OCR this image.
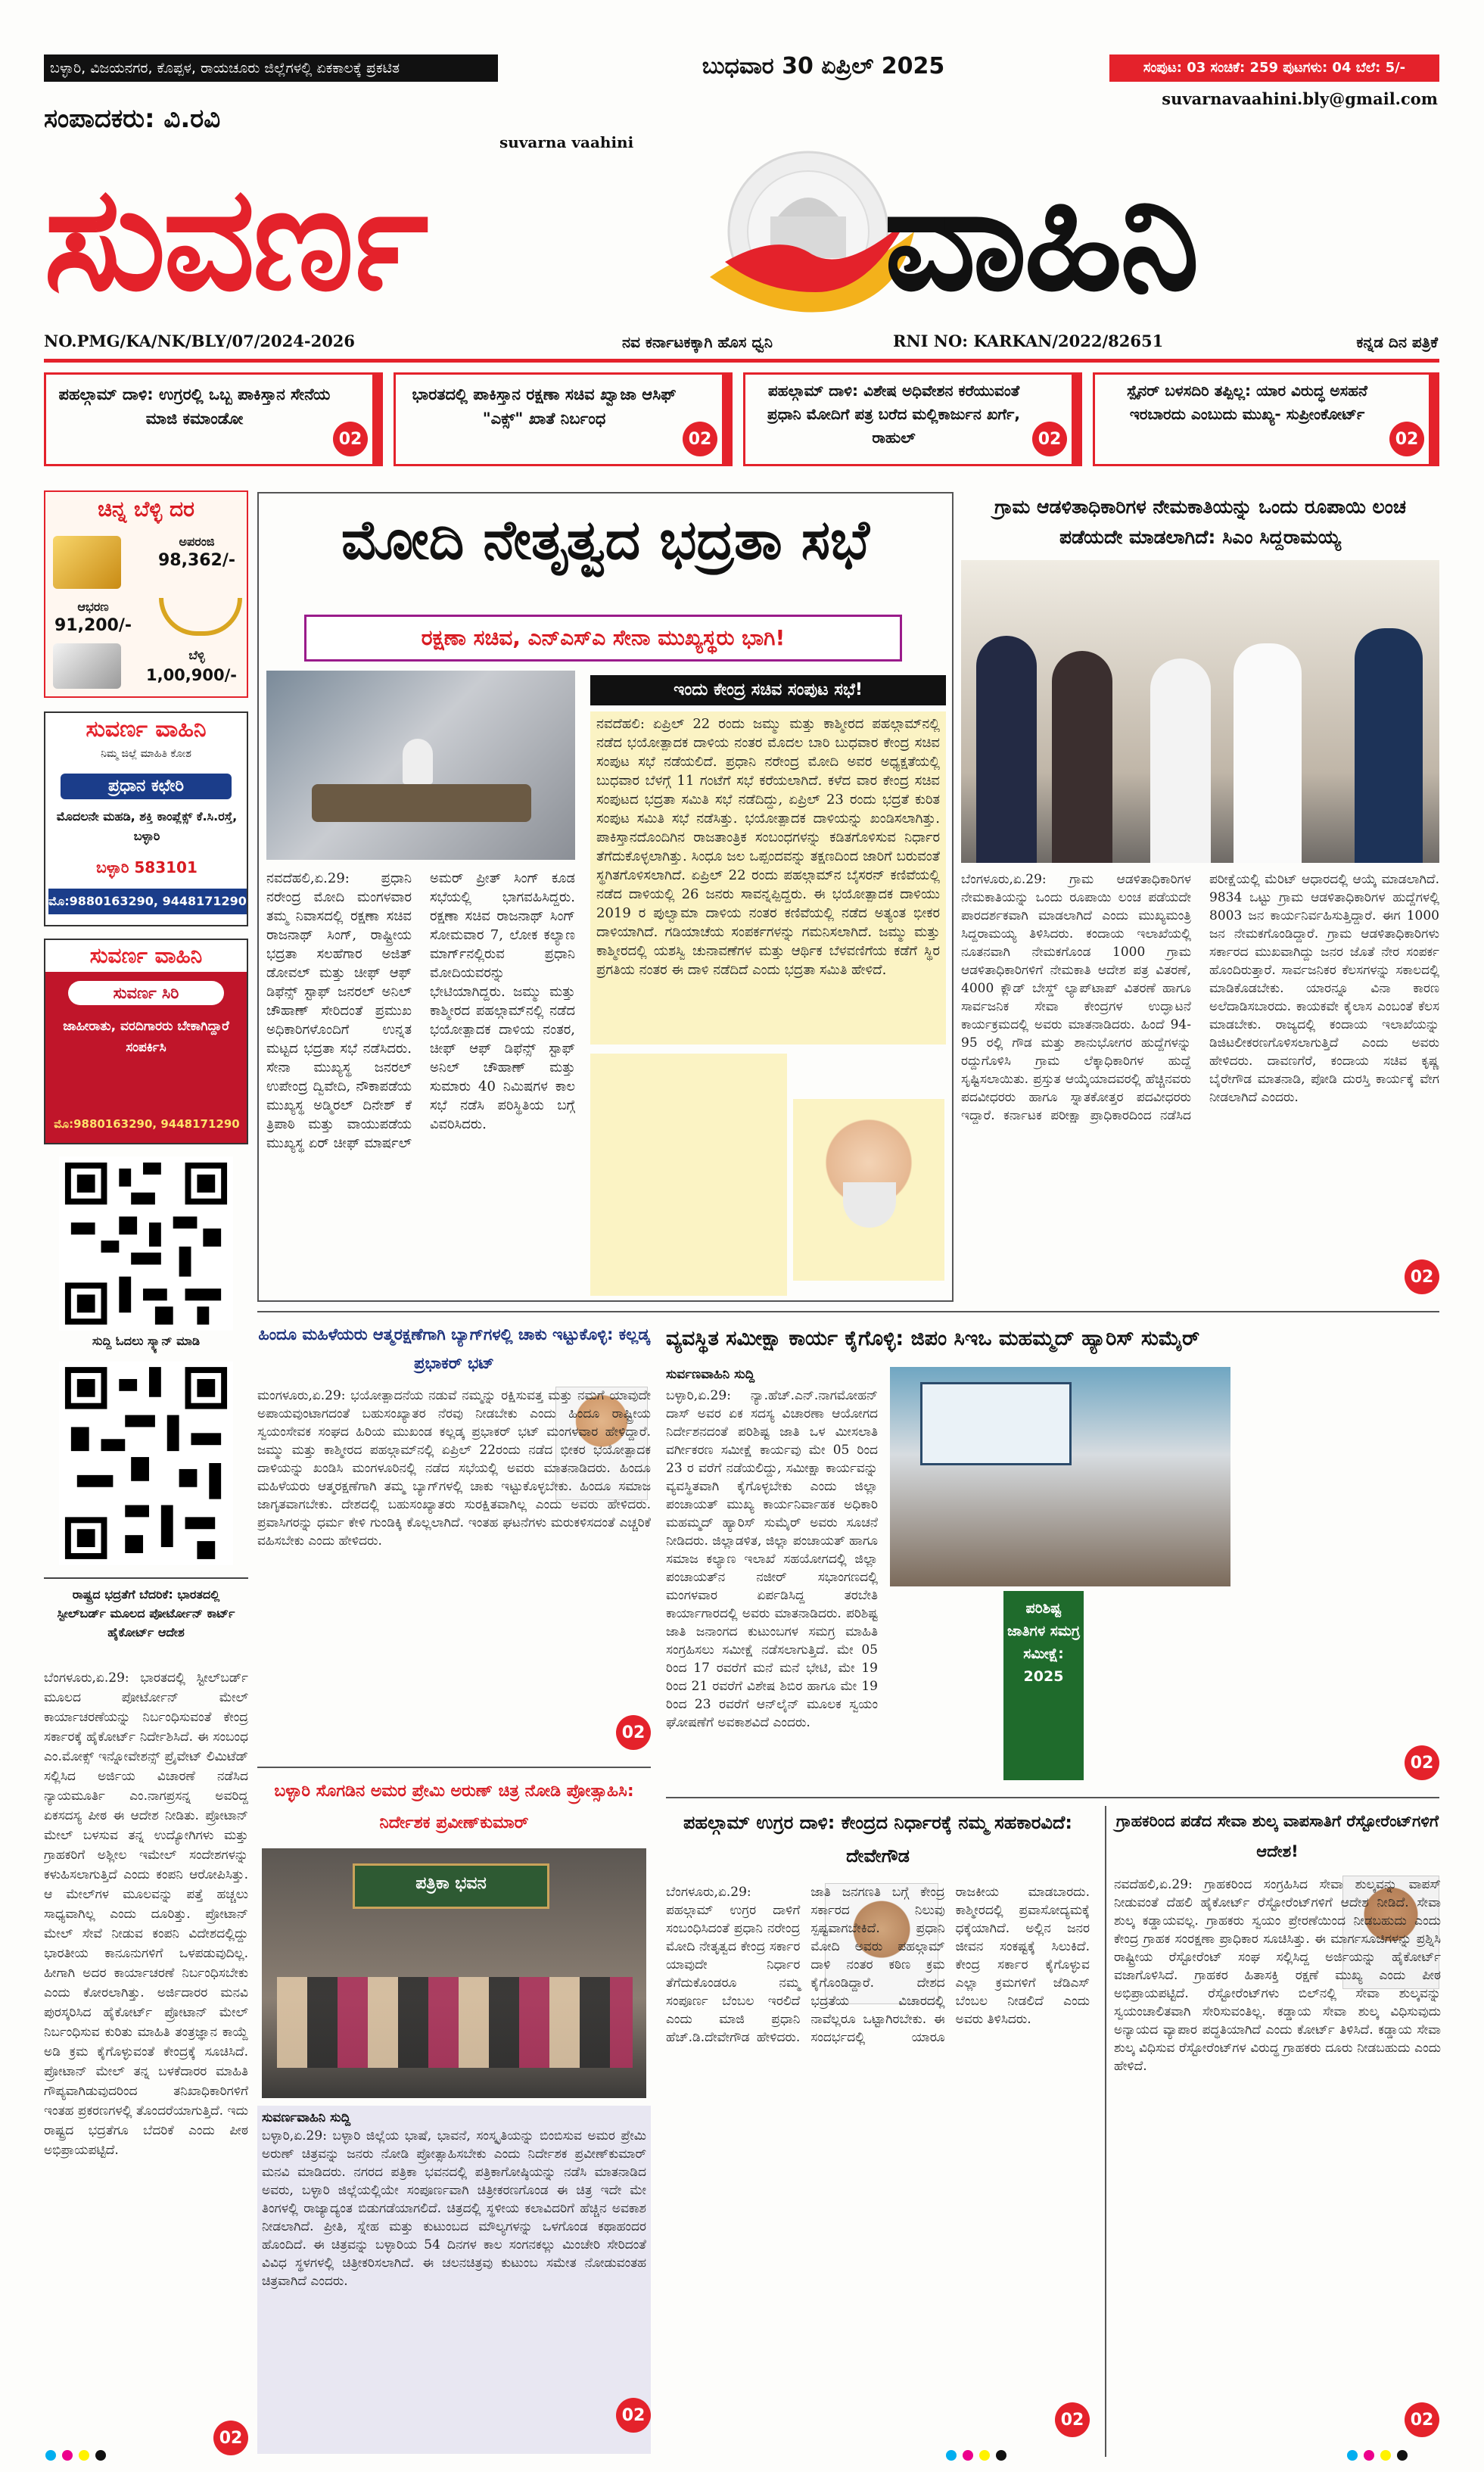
ಬಳ್ಳಾರಿ, ವಿಜಯನಗರ, ಕೊಪ್ಪಳ, ರಾಯಚೂರು ಜಿಲ್ಲೆಗಳಲ್ಲಿ ಏಕಕಾಲಕ್ಕೆ ಪ್ರಕಟಿತ	ಬುಧವಾರ 30 ಏಪ್ರಿಲ್ 2025	ಸಂಪುಟ: 03 ಸಂಚಿಕೆ: 259 ಪುಟಗಳು: 04 ಬೆಲೆ: 5/-
suvarnavaahini.bly@gmail.com
ಸಂಪಾದಕರು: ವಿ.ರವಿ
suvarna vaahini
ಸುವರ್ಣ	ವಾಹಿನಿ
NO.PMG/KA/NK/BLY/07/2024-2026	ನವ ಕರ್ನಾಟಕಕ್ಕಾಗಿ ಹೊಸ ಧ್ವನಿ	RNI NO: KARKAN/2022/82651	ಕನ್ನಡ ದಿನ ಪತ್ರಿಕೆ
ಪಹಲ್ಗಾಮ್ ದಾಳಿ: ಉಗ್ರರಲ್ಲಿ ಒಬ್ಬ ಪಾಕಿಸ್ತಾನ ಸೇನೆಯ ಮಾಜಿ ಕಮಾಂಡೋ
02
ಭಾರತದಲ್ಲಿ ಪಾಕಿಸ್ತಾನ ರಕ್ಷಣಾ ಸಚಿವ ಖ್ವಾಜಾ ಆಸಿಫ್ "ಎಕ್ಸ್" ಖಾತೆ ನಿರ್ಬಂಧ
02
ಪಹಲ್ಗಾಮ್ ದಾಳಿ: ವಿಶೇಷ ಅಧಿವೇಶನ ಕರೆಯುವಂತೆ ಪ್ರಧಾನಿ ಮೋದಿಗೆ ಪತ್ರ ಬರೆದ ಮಲ್ಲಿಕಾರ್ಜುನ ಖರ್ಗೆ, ರಾಹುಲ್	02
ಸ್ಪೈನರ್ ಬಳಸದಿರಿ ತಪ್ಪಿಲ್ಲ: ಯಾರ ವಿರುದ್ಧ ಅಸಹನೆ ಇರಬಾರದು ಎಂಬುದು ಮುಖ್ಯ- ಸುಪ್ರೀಂಕೋರ್ಟ್
02
ಚಿನ್ನ ಬೆಳ್ಳಿ ದರ
ಅಪರಂಜಿ
98,362/-
ಆಭರಣ
91,200/-
ಬೆಳ್ಳಿ
1,00,900/-
ಸುವರ್ಣ ವಾಹಿನಿ
ನಿಮ್ಮ ಜಿಲ್ಲೆ ಮಾಹಿತಿ ಕೋಶ
ಪ್ರಧಾನ ಕಛೇರಿ
ಮೊದಲನೇ ಮಹಡಿ, ಶಕ್ತಿ ಕಾಂಪ್ಲೆಕ್ಸ್ ಕೆ.ಸಿ.ರಸ್ತೆ, ಬಳ್ಳಾರಿ
ಬಳ್ಳಾರಿ 583101
ಮೊ:9880163290, 9448171290
ಸುವರ್ಣ ವಾಹಿನಿ
ಸುವರ್ಣ ಸಿರಿ
ಜಾಹೀರಾತು, ವರದಿಗಾರರು ಬೇಕಾಗಿದ್ದಾರೆ ಸಂಪರ್ಕಿಸಿ
ಮೊ:9880163290, 9448171290
ಸುದ್ದಿ ಓದಲು ಸ್ಕ್ಯಾನ್ ಮಾಡಿ
ರಾಷ್ಟ್ರದ ಭದ್ರತೆಗೆ ಬೆದರಿಕೆ: ಭಾರತದಲ್ಲಿ ಸ್ಟೀಲ್‌ಬರ್ಡ್ ಮೂಲದ ಪೋರ್ಟೋನ್ ಕಾರ್ಟ್ ಹೈಕೋರ್ಟ್ ಆದೇಶ
ಬೆಂಗಳೂರು,ಏ.29: ಭಾರತದಲ್ಲಿ ಸ್ಟೀಲ್‌ಬರ್ಡ್ ಮೂಲದ ಪೋರ್ಟೋನ್ ಮೇಲ್ ಕಾರ್ಯಾಚರಣೆಯನ್ನು ನಿರ್ಬಂಧಿಸುವಂತೆ ಕೇಂದ್ರ ಸರ್ಕಾರಕ್ಕೆ ಹೈಕೋರ್ಟ್ ನಿರ್ದೇಶಿಸಿದೆ. ಈ ಸಂಬಂಧ ಎಂ.ಮೋಕ್ಸ್ ಇನ್ನೋವೇಶನ್ಸ್ ಪ್ರೈವೇಟ್ ಲಿಮಿಟೆಡ್ ಸಲ್ಲಿಸಿದ ಅರ್ಜಿಯ ವಿಚಾರಣೆ ನಡೆಸಿದ ನ್ಯಾಯಮೂರ್ತಿ ಎಂ.ನಾಗಪ್ರಸನ್ನ ಅವರಿದ್ದ ಏಕಸದಸ್ಯ ಪೀಠ ಈ ಆದೇಶ ನೀಡಿತು. ಪ್ರೋಟಾನ್ ಮೇಲ್ ಬಳಸುವ ತನ್ನ ಉದ್ಯೋಗಿಗಳು ಮತ್ತು ಗ್ರಾಹಕರಿಗೆ ಅಶ್ಲೀಲ ಇಮೇಲ್ ಸಂದೇಶಗಳನ್ನು ಕಳುಹಿಸಲಾಗುತ್ತಿದೆ ಎಂದು ಕಂಪನಿ ಆರೋಪಿಸಿತ್ತು. ಆ ಮೇಲ್‌ಗಳ ಮೂಲವನ್ನು ಪತ್ತೆ ಹಚ್ಚಲು ಸಾಧ್ಯವಾಗಿಲ್ಲ ಎಂದು ದೂರಿತ್ತು. ಪ್ರೋಟಾನ್ ಮೇಲ್ ಸೇವೆ ನೀಡುವ ಕಂಪನಿ ವಿದೇಶದಲ್ಲಿದ್ದು ಭಾರತೀಯ ಕಾನೂನುಗಳಿಗೆ ಒಳಪಡುವುದಿಲ್ಲ. ಹೀಗಾಗಿ ಅದರ ಕಾರ್ಯಾಚರಣೆ ನಿರ್ಬಂಧಿಸಬೇಕು ಎಂದು ಕೋರಲಾಗಿತ್ತು. ಅರ್ಜಿದಾರರ ಮನವಿ ಪುರಸ್ಕರಿಸಿದ ಹೈಕೋರ್ಟ್ ಪ್ರೋಟಾನ್ ಮೇಲ್ ನಿರ್ಬಂಧಿಸುವ ಕುರಿತು ಮಾಹಿತಿ ತಂತ್ರಜ್ಞಾನ ಕಾಯ್ದೆ ಅಡಿ ಕ್ರಮ ಕೈಗೊಳ್ಳುವಂತೆ ಕೇಂದ್ರಕ್ಕೆ ಸೂಚಿಸಿದೆ. ಪ್ರೋಟಾನ್ ಮೇಲ್ ತನ್ನ ಬಳಕೆದಾರರ ಮಾಹಿತಿ ಗೌಪ್ಯವಾಗಿಡುವುದರಿಂದ ತನಿಖಾಧಿಕಾರಿಗಳಿಗೆ ಇಂತಹ ಪ್ರಕರಣಗಳಲ್ಲಿ ತೊಂದರೆಯಾಗುತ್ತಿದೆ. ಇದು ರಾಷ್ಟ್ರದ ಭದ್ರತೆಗೂ ಬೆದರಿಕೆ ಎಂದು ಪೀಠ ಅಭಿಪ್ರಾಯಪಟ್ಟಿದೆ.
02
ಮೋದಿ ನೇತೃತ್ವದ ಭದ್ರತಾ ಸಭೆ
ರಕ್ಷಣಾ ಸಚಿವ, ಎನ್‌ಎಸ್‌ಎ ಸೇನಾ ಮುಖ್ಯಸ್ಥರು ಭಾಗಿ!
ಇಂದು ಕೇಂದ್ರ ಸಚಿವ ಸಂಪುಟ ಸಭೆ!
ನವದೆಹಲಿ: ಏಪ್ರಿಲ್ 22 ರಂದು ಜಮ್ಮು ಮತ್ತು ಕಾಶ್ಮೀರದ ಪಹಲ್ಗಾಮ್‌ನಲ್ಲಿ ನಡೆದ ಭಯೋತ್ಪಾದಕ ದಾಳಿಯ ನಂತರ ಮೊದಲ ಬಾರಿ ಬುಧವಾರ ಕೇಂದ್ರ ಸಚಿವ ಸಂಪುಟ ಸಭೆ ನಡೆಯಲಿದೆ. ಪ್ರಧಾನಿ ನರೇಂದ್ರ ಮೋದಿ ಅವರ ಅಧ್ಯಕ್ಷತೆಯಲ್ಲಿ ಬುಧವಾರ ಬೆಳಗ್ಗೆ 11 ಗಂಟೆಗೆ ಸಭೆ ಕರೆಯಲಾಗಿದೆ. ಕಳೆದ ವಾರ ಕೇಂದ್ರ ಸಚಿವ ಸಂಪುಟದ ಭದ್ರತಾ ಸಮಿತಿ ಸಭೆ ನಡೆದಿದ್ದು, ಏಪ್ರಿಲ್ 23 ರಂದು ಭದ್ರತೆ ಕುರಿತ ಸಂಪುಟ ಸಮಿತಿ ಸಭೆ ನಡೆಸಿತ್ತು. ಭಯೋತ್ಪಾದಕ ದಾಳಿಯನ್ನು ಖಂಡಿಸಲಾಗಿತ್ತು. ಪಾಕಿಸ್ತಾನದೊಂದಿಗಿನ ರಾಜತಾಂತ್ರಿಕ ಸಂಬಂಧಗಳನ್ನು ಕಡಿತಗೊಳಿಸುವ ನಿರ್ಧಾರ ತೆಗೆದುಕೊಳ್ಳಲಾಗಿತ್ತು. ಸಿಂಧೂ ಜಲ ಒಪ್ಪಂದವನ್ನು ತಕ್ಷಣದಿಂದ ಜಾರಿಗೆ ಬರುವಂತೆ ಸ್ಥಗಿತಗೊಳಿಸಲಾಗಿದೆ. ಏಪ್ರಿಲ್ 22 ರಂದು ಪಹಲ್ಗಾಮ್‌ನ ಬೈಸರನ್ ಕಣಿವೆಯಲ್ಲಿ ನಡೆದ ದಾಳಿಯಲ್ಲಿ 26 ಜನರು ಸಾವನ್ನಪ್ಪಿದ್ದರು. ಈ ಭಯೋತ್ಪಾದಕ ದಾಳಿಯು 2019 ರ ಪುಲ್ವಾಮಾ ದಾಳಿಯ ನಂತರ ಕಣಿವೆಯಲ್ಲಿ ನಡೆದ ಅತ್ಯಂತ ಭೀಕರ ದಾಳಿಯಾಗಿದೆ. ಗಡಿಯಾಚೆಯ ಸಂಪರ್ಕಗಳನ್ನು ಗಮನಿಸಲಾಗಿದೆ. ಜಮ್ಮು ಮತ್ತು ಕಾಶ್ಮೀರದಲ್ಲಿ ಯಶಸ್ವಿ ಚುನಾವಣೆಗಳ ಮತ್ತು ಆರ್ಥಿಕ ಬೆಳವಣಿಗೆಯ ಕಡೆಗೆ ಸ್ಥಿರ ಪ್ರಗತಿಯ ನಂತರ ಈ ದಾಳಿ ನಡೆದಿದೆ ಎಂದು ಭದ್ರತಾ ಸಮಿತಿ ಹೇಳಿದೆ.
ನವದೆಹಲಿ,ಏ.29: ಪ್ರಧಾನಿ ನರೇಂದ್ರ ಮೋದಿ ಮಂಗಳವಾರ ತಮ್ಮ ನಿವಾಸದಲ್ಲಿ ರಕ್ಷಣಾ ಸಚಿವ ರಾಜನಾಥ್ ಸಿಂಗ್, ರಾಷ್ಟ್ರೀಯ ಭದ್ರತಾ ಸಲಹೆಗಾರ ಅಜಿತ್ ಡೋವಲ್ ಮತ್ತು ಚೀಫ್ ಆಫ್ ಡಿಫೆನ್ಸ್ ಸ್ಟಾಫ್ ಜನರಲ್ ಅನಿಲ್ ಚೌಹಾಣ್ ಸೇರಿದಂತೆ ಪ್ರಮುಖ ಅಧಿಕಾರಿಗಳೊಂದಿಗೆ ಉನ್ನತ ಮಟ್ಟದ ಭದ್ರತಾ ಸಭೆ ನಡೆಸಿದರು. ಸೇನಾ ಮುಖ್ಯಸ್ಥ ಜನರಲ್ ಉಪೇಂದ್ರ ದ್ವಿವೇದಿ, ನೌಕಾಪಡೆಯ ಮುಖ್ಯಸ್ಥ ಅಡ್ಮಿರಲ್ ದಿನೇಶ್ ಕೆ ತ್ರಿಪಾಠಿ ಮತ್ತು ವಾಯುಪಡೆಯ ಮುಖ್ಯಸ್ಥ ಏರ್ ಚೀಫ್ ಮಾರ್ಷಲ್ ಅಮರ್ ಪ್ರೀತ್ ಸಿಂಗ್ ಕೂಡ ಸಭೆಯಲ್ಲಿ ಭಾಗವಹಿಸಿದ್ದರು. ರಕ್ಷಣಾ ಸಚಿವ ರಾಜನಾಥ್ ಸಿಂಗ್ ಸೋಮವಾರ 7, ಲೋಕ ಕಲ್ಯಾಣ ಮಾರ್ಗ್‌ನಲ್ಲಿರುವ ಪ್ರಧಾನಿ ಮೋದಿಯವರನ್ನು ಭೇಟಿಯಾಗಿದ್ದರು. ಜಮ್ಮು ಮತ್ತು ಕಾಶ್ಮೀರದ ಪಹಲ್ಗಾಮ್‌ನಲ್ಲಿ ನಡೆದ ಭಯೋತ್ಪಾದಕ ದಾಳಿಯ ನಂತರ, ಚೀಫ್ ಆಫ್ ಡಿಫೆನ್ಸ್ ಸ್ಟಾಫ್ ಅನಿಲ್ ಚೌಹಾಣ್ ಮತ್ತು ಸುಮಾರು 40 ನಿಮಿಷಗಳ ಕಾಲ ಸಭೆ ನಡೆಸಿ ಪರಿಸ್ಥಿತಿಯ ಬಗ್ಗೆ ವಿವರಿಸಿದರು.
ಗ್ರಾಮ ಆಡಳಿತಾಧಿಕಾರಿಗಳ ನೇಮಕಾತಿಯನ್ನು ಒಂದು ರೂಪಾಯಿ ಲಂಚ ಪಡೆಯದೇ ಮಾಡಲಾಗಿದೆ: ಸಿಎಂ ಸಿದ್ದರಾಮಯ್ಯ
ಬೆಂಗಳೂರು,ಏ.29: ಗ್ರಾಮ ಆಡಳಿತಾಧಿಕಾರಿಗಳ ನೇಮಕಾತಿಯನ್ನು ಒಂದು ರೂಪಾಯಿ ಲಂಚ ಪಡೆಯದೇ ಪಾರದರ್ಶಕವಾಗಿ ಮಾಡಲಾಗಿದೆ ಎಂದು ಮುಖ್ಯಮಂತ್ರಿ ಸಿದ್ದರಾಮಯ್ಯ ತಿಳಿಸಿದರು. ಕಂದಾಯ ಇಲಾಖೆಯಲ್ಲಿ ನೂತನವಾಗಿ ನೇಮಕಗೊಂಡ 1000 ಗ್ರಾಮ ಆಡಳಿತಾಧಿಕಾರಿಗಳಿಗೆ ನೇಮಕಾತಿ ಆದೇಶ ಪತ್ರ ವಿತರಣೆ, 4000 ಕ್ಲೌಡ್ ಬೇಸ್ಡ್ ಲ್ಯಾಪ್‌ಟಾಪ್ ವಿತರಣೆ ಹಾಗೂ ಸಾರ್ವಜನಿಕ ಸೇವಾ ಕೇಂದ್ರಗಳ ಉದ್ಘಾಟನೆ ಕಾರ್ಯಕ್ರಮದಲ್ಲಿ ಅವರು ಮಾತನಾಡಿದರು. ಹಿಂದೆ 94-95 ರಲ್ಲಿ ಗೌಡ ಮತ್ತು ಶಾನುಭೋಗರ ಹುದ್ದೆಗಳನ್ನು ರದ್ದುಗೊಳಿಸಿ ಗ್ರಾಮ ಲೆಕ್ಕಾಧಿಕಾರಿಗಳ ಹುದ್ದೆ ಸೃಷ್ಟಿಸಲಾಯಿತು. ಪ್ರಸ್ತುತ ಆಯ್ಕೆಯಾದವರಲ್ಲಿ ಹೆಚ್ಚಿನವರು ಪದವೀಧರರು ಹಾಗೂ ಸ್ನಾತಕೋತ್ತರ ಪದವೀಧರರು ಇದ್ದಾರೆ. ಕರ್ನಾಟಕ ಪರೀಕ್ಷಾ ಪ್ರಾಧಿಕಾರದಿಂದ ನಡೆಸಿದ ಪರೀಕ್ಷೆಯಲ್ಲಿ ಮೆರಿಟ್ ಆಧಾರದಲ್ಲಿ ಆಯ್ಕೆ ಮಾಡಲಾಗಿದೆ. 9834 ಒಟ್ಟು ಗ್ರಾಮ ಆಡಳಿತಾಧಿಕಾರಿಗಳ ಹುದ್ದೆಗಳಲ್ಲಿ 8003 ಜನ ಕಾರ್ಯನಿರ್ವಹಿಸುತ್ತಿದ್ದಾರೆ. ಈಗ 1000 ಜನ ನೇಮಕಗೊಂಡಿದ್ದಾರೆ. ಗ್ರಾಮ ಆಡಳಿತಾಧಿಕಾರಿಗಳು ಸರ್ಕಾರದ ಮುಖವಾಗಿದ್ದು ಜನರ ಜೊತೆ ನೇರ ಸಂಪರ್ಕ ಹೊಂದಿರುತ್ತಾರೆ. ಸಾರ್ವಜನಿಕರ ಕೆಲಸಗಳನ್ನು ಸಕಾಲದಲ್ಲಿ ಮಾಡಿಕೊಡಬೇಕು. ಯಾರನ್ನೂ ವಿನಾ ಕಾರಣ ಅಲೆದಾಡಿಸಬಾರದು. ಕಾಯಕವೇ ಕೈಲಾಸ ಎಂಬಂತೆ ಕೆಲಸ ಮಾಡಬೇಕು. ರಾಜ್ಯದಲ್ಲಿ ಕಂದಾಯ ಇಲಾಖೆಯನ್ನು ಡಿಜಿಟಲೀಕರಣಗೊಳಿಸಲಾಗುತ್ತಿದೆ ಎಂದು ಅವರು ಹೇಳಿದರು. ದಾವಣಗೆರೆ, ಕಂದಾಯ ಸಚಿವ ಕೃಷ್ಣ ಬೈರೇಗೌಡ ಮಾತನಾಡಿ, ಪೋಡಿ ದುರಸ್ತಿ ಕಾರ್ಯಕ್ಕೆ ವೇಗ ನೀಡಲಾಗಿದೆ ಎಂದರು.
02
ಹಿಂದೂ ಮಹಿಳೆಯರು ಆತ್ಮರಕ್ಷಣೆಗಾಗಿ ಬ್ಯಾಗ್‌ಗಳಲ್ಲಿ ಚಾಕು ಇಟ್ಟುಕೊಳ್ಳಿ: ಕಲ್ಲಡ್ಕ ಪ್ರಭಾಕರ್ ಭಟ್
ಮಂಗಳೂರು,ಏ.29: ಭಯೋತ್ಪಾದನೆಯ ನಡುವೆ ನಮ್ಮನ್ನು ರಕ್ಷಿಸುವತ್ತ ಮತ್ತು ನಮಗೆ ಯಾವುದೇ ಅಪಾಯವುಂಟಾಗದಂತೆ ಬಹುಸಂಖ್ಯಾತರ ನೆರವು ನೀಡಬೇಕು ಎಂದು ಹಿಂದೂ ರಾಷ್ಟ್ರೀಯ ಸ್ವಯಂಸೇವಕ ಸಂಘದ ಹಿರಿಯ ಮುಖಂಡ ಕಲ್ಲಡ್ಕ ಪ್ರಭಾಕರ್ ಭಟ್ ಮಂಗಳವಾರ ಹೇಳಿದ್ದಾರೆ. ಜಮ್ಮು ಮತ್ತು ಕಾಶ್ಮೀರದ ಪಹಲ್ಗಾಮ್‌ನಲ್ಲಿ ಏಪ್ರಿಲ್ 22ರಂದು ನಡೆದ ಭೀಕರ ಭಯೋತ್ಪಾದಕ ದಾಳಿಯನ್ನು ಖಂಡಿಸಿ ಮಂಗಳೂರಿನಲ್ಲಿ ನಡೆದ ಸಭೆಯಲ್ಲಿ ಅವರು ಮಾತನಾಡಿದರು. ಹಿಂದೂ ಮಹಿಳೆಯರು ಆತ್ಮರಕ್ಷಣೆಗಾಗಿ ತಮ್ಮ ಬ್ಯಾಗ್‌ಗಳಲ್ಲಿ ಚಾಕು ಇಟ್ಟುಕೊಳ್ಳಬೇಕು. ಹಿಂದೂ ಸಮಾಜ ಜಾಗೃತವಾಗಬೇಕು. ದೇಶದಲ್ಲಿ ಬಹುಸಂಖ್ಯಾತರು ಸುರಕ್ಷಿತವಾಗಿಲ್ಲ ಎಂದು ಅವರು ಹೇಳಿದರು. ಪ್ರವಾಸಿಗರನ್ನು ಧರ್ಮ ಕೇಳಿ ಗುಂಡಿಕ್ಕಿ ಕೊಲ್ಲಲಾಗಿದೆ. ಇಂತಹ ಘಟನೆಗಳು ಮರುಕಳಿಸದಂತೆ ಎಚ್ಚರಿಕೆ ವಹಿಸಬೇಕು ಎಂದು ಹೇಳಿದರು.
02
ಬಳ್ಳಾರಿ ಸೊಗಡಿನ ಅಮರ ಪ್ರೇಮಿ ಅರುಣ್ ಚಿತ್ರ ನೋಡಿ ಪ್ರೋತ್ಸಾಹಿಸಿ: ನಿರ್ದೇಶಕ ಪ್ರವೀಣ್‌ಕುಮಾರ್
ಪತ್ರಿಕಾ ಭವನ
ಸುವರ್ಣವಾಹಿನಿ ಸುದ್ದಿ
ಬಳ್ಳಾರಿ,ಏ.29: ಬಳ್ಳಾರಿ ಜಿಲ್ಲೆಯ ಭಾಷೆ, ಭಾವನೆ, ಸಂಸ್ಕೃತಿಯನ್ನು ಬಿಂಬಿಸುವ ಅಮರ ಪ್ರೇಮಿ ಅರುಣ್ ಚಿತ್ರವನ್ನು ಜನರು ನೋಡಿ ಪ್ರೋತ್ಸಾಹಿಸಬೇಕು ಎಂದು ನಿರ್ದೇಶಕ ಪ್ರವೀಣ್‌ಕುಮಾರ್ ಮನವಿ ಮಾಡಿದರು. ನಗರದ ಪತ್ರಿಕಾ ಭವನದಲ್ಲಿ ಪತ್ರಿಕಾಗೋಷ್ಠಿಯನ್ನು ನಡೆಸಿ ಮಾತನಾಡಿದ ಅವರು, ಬಳ್ಳಾರಿ ಜಿಲ್ಲೆಯಲ್ಲಿಯೇ ಸಂಪೂರ್ಣವಾಗಿ ಚಿತ್ರೀಕರಣಗೊಂಡ ಈ ಚಿತ್ರ ಇದೇ ಮೇ ತಿಂಗಳಲ್ಲಿ ರಾಜ್ಯಾದ್ಯಂತ ಬಿಡುಗಡೆಯಾಗಲಿದೆ. ಚಿತ್ರದಲ್ಲಿ ಸ್ಥಳೀಯ ಕಲಾವಿದರಿಗೆ ಹೆಚ್ಚಿನ ಅವಕಾಶ ನೀಡಲಾಗಿದೆ. ಪ್ರೀತಿ, ಸ್ನೇಹ ಮತ್ತು ಕುಟುಂಬದ ಮೌಲ್ಯಗಳನ್ನು ಒಳಗೊಂಡ ಕಥಾಹಂದರ ಹೊಂದಿದೆ. ಈ ಚಿತ್ರವನ್ನು ಬಳ್ಳಾರಿಯ 54 ದಿನಗಳ ಕಾಲ ಸಂಗನಕಲ್ಲು ಮಿಂಚೇರಿ ಸೇರಿದಂತೆ ವಿವಿಧ ಸ್ಥಳಗಳಲ್ಲಿ ಚಿತ್ರೀಕರಿಸಲಾಗಿದೆ. ಈ ಚಲನಚಿತ್ರವು ಕುಟುಂಬ ಸಮೇತ ನೋಡುವಂತಹ ಚಿತ್ರವಾಗಿದೆ ಎಂದರು.
02
ವ್ಯವಸ್ಥಿತ ಸಮೀಕ್ಷಾ ಕಾರ್ಯ ಕೈಗೊಳ್ಳಿ: ಜಿಪಂ ಸಿಇಒ ಮಹಮ್ಮದ್ ಹ್ಯಾರಿಸ್ ಸುಮೈರ್
ಸುರ್ವಣವಾಹಿನಿ ಸುದ್ದಿ
ಬಳ್ಳಾರಿ,ಏ.29: ನ್ಯಾ.ಹೆಚ್.ಎನ್.ನಾಗಮೋಹನ್ ದಾಸ್ ಅವರ ಏಕ ಸದಸ್ಯ ವಿಚಾರಣಾ ಆಯೋಗದ ನಿರ್ದೇಶನದಂತೆ ಪರಿಶಿಷ್ಟ ಜಾತಿ ಒಳ ಮೀಸಲಾತಿ ವರ್ಗೀಕರಣ ಸಮೀಕ್ಷೆ ಕಾರ್ಯವು ಮೇ 05 ರಿಂದ 23 ರ ವರೆಗೆ ನಡೆಯಲಿದ್ದು, ಸಮೀಕ್ಷಾ ಕಾರ್ಯವನ್ನು ವ್ಯವಸ್ಥಿತವಾಗಿ ಕೈಗೊಳ್ಳಬೇಕು ಎಂದು ಜಿಲ್ಲಾ ಪಂಚಾಯತ್ ಮುಖ್ಯ ಕಾರ್ಯನಿರ್ವಾಹಕ ಅಧಿಕಾರಿ ಮಹಮ್ಮದ್ ಹ್ಯಾರಿಸ್ ಸುಮೈರ್ ಅವರು ಸೂಚನೆ ನೀಡಿದರು. ಜಿಲ್ಲಾಡಳಿತ, ಜಿಲ್ಲಾ ಪಂಚಾಯತ್ ಹಾಗೂ ಸಮಾಜ ಕಲ್ಯಾಣ ಇಲಾಖೆ ಸಹಯೋಗದಲ್ಲಿ ಜಿಲ್ಲಾ ಪಂಚಾಯತ್‌ನ ನಜೀರ್ ಸಭಾಂಗಣದಲ್ಲಿ ಮಂಗಳವಾರ ಏರ್ಪಡಿಸಿದ್ದ ತರಬೇತಿ ಕಾರ್ಯಾಗಾರದಲ್ಲಿ ಅವರು ಮಾತನಾಡಿದರು. ಪರಿಶಿಷ್ಟ ಜಾತಿ ಜನಾಂಗದ ಕುಟುಂಬಗಳ ಸಮಗ್ರ ಮಾಹಿತಿ ಸಂಗ್ರಹಿಸಲು ಸಮೀಕ್ಷೆ ನಡೆಸಲಾಗುತ್ತಿದೆ. ಮೇ 05 ರಿಂದ 17 ರವರೆಗೆ ಮನೆ ಮನೆ ಭೇಟಿ, ಮೇ 19 ರಿಂದ 21 ರವರೆಗೆ ವಿಶೇಷ ಶಿಬಿರ ಹಾಗೂ ಮೇ 19 ರಿಂದ 23 ರವರೆಗೆ ಆನ್‌ಲೈನ್ ಮೂಲಕ ಸ್ವಯಂ ಘೋಷಣೆಗೆ ಅವಕಾಶವಿದೆ ಎಂದರು.
ಪರಿಶಿಷ್ಟ ಜಾತಿಗಳ ಸಮಗ್ರ ಸಮೀಕ್ಷೆ: 2025
02
ಪಹಲ್ಗಾಮ್ ಉಗ್ರರ ದಾಳಿ: ಕೇಂದ್ರದ ನಿರ್ಧಾರಕ್ಕೆ ನಮ್ಮ ಸಹಕಾರವಿದೆ: ದೇವೇಗೌಡ
ಬೆಂಗಳೂರು,ಏ.29: ಪಹಲ್ಗಾಮ್ ಉಗ್ರರ ದಾಳಿಗೆ ಸಂಬಂಧಿಸಿದಂತೆ ಪ್ರಧಾನಿ ನರೇಂದ್ರ ಮೋದಿ ನೇತೃತ್ವದ ಕೇಂದ್ರ ಸರ್ಕಾರ ಯಾವುದೇ ನಿರ್ಧಾರ ತೆಗೆದುಕೊಂಡರೂ ನಮ್ಮ ಸಂಪೂರ್ಣ ಬೆಂಬಲ ಇರಲಿದೆ ಎಂದು ಮಾಜಿ ಪ್ರಧಾನಿ ಹೆಚ್.ಡಿ.ದೇವೇಗೌಡ ಹೇಳಿದರು. ಜಾತಿ ಜನಗಣತಿ ಬಗ್ಗೆ ಕೇಂದ್ರ ಸರ್ಕಾರದ ನಿಲುವು ಸ್ಪಷ್ಟವಾಗಬೇಕಿದೆ. ಪ್ರಧಾನಿ ಮೋದಿ ಅವರು ಪಹಲ್ಗಾಮ್ ದಾಳಿ ನಂತರ ಕಠಿಣ ಕ್ರಮ ಕೈಗೊಂಡಿದ್ದಾರೆ. ದೇಶದ ಭದ್ರತೆಯ ವಿಚಾರದಲ್ಲಿ ನಾವೆಲ್ಲರೂ ಒಟ್ಟಾಗಿರಬೇಕು. ಈ ಸಂದರ್ಭದಲ್ಲಿ ಯಾರೂ ರಾಜಕೀಯ ಮಾಡಬಾರದು. ಕಾಶ್ಮೀರದಲ್ಲಿ ಪ್ರವಾಸೋದ್ಯಮಕ್ಕೆ ಧಕ್ಕೆಯಾಗಿದೆ. ಅಲ್ಲಿನ ಜನರ ಜೀವನ ಸಂಕಷ್ಟಕ್ಕೆ ಸಿಲುಕಿದೆ. ಕೇಂದ್ರ ಸರ್ಕಾರ ಕೈಗೊಳ್ಳುವ ಎಲ್ಲಾ ಕ್ರಮಗಳಿಗೆ ಜೆಡಿಎಸ್ ಬೆಂಬಲ ನೀಡಲಿದೆ ಎಂದು ಅವರು ತಿಳಿಸಿದರು.
02
ಗ್ರಾಹಕರಿಂದ ಪಡೆದ ಸೇವಾ ಶುಲ್ಕ ವಾಪಸಾತಿಗೆ ರೆಸ್ಟೋರೆಂಟ್‌ಗಳಿಗೆ ಆದೇಶ!
ನವದೆಹಲಿ,ಏ.29: ಗ್ರಾಹಕರಿಂದ ಸಂಗ್ರಹಿಸಿದ ಸೇವಾ ಶುಲ್ಕವನ್ನು ವಾಪಸ್ ನೀಡುವಂತೆ ದೆಹಲಿ ಹೈಕೋರ್ಟ್ ರೆಸ್ಟೋರೆಂಟ್‌ಗಳಿಗೆ ಆದೇಶ ನೀಡಿದೆ. ಸೇವಾ ಶುಲ್ಕ ಕಡ್ಡಾಯವಲ್ಲ. ಗ್ರಾಹಕರು ಸ್ವಯಂ ಪ್ರೇರಣೆಯಿಂದ ನೀಡಬಹುದು ಎಂದು ಕೇಂದ್ರ ಗ್ರಾಹಕ ಸಂರಕ್ಷಣಾ ಪ್ರಾಧಿಕಾರ ಸೂಚಿಸಿತ್ತು. ಈ ಮಾರ್ಗಸೂಚಿಗಳನ್ನು ಪ್ರಶ್ನಿಸಿ ರಾಷ್ಟ್ರೀಯ ರೆಸ್ಟೋರೆಂಟ್ ಸಂಘ ಸಲ್ಲಿಸಿದ್ದ ಅರ್ಜಿಯನ್ನು ಹೈಕೋರ್ಟ್ ವಜಾಗೊಳಿಸಿದೆ. ಗ್ರಾಹಕರ ಹಿತಾಸಕ್ತಿ ರಕ್ಷಣೆ ಮುಖ್ಯ ಎಂದು ಪೀಠ ಅಭಿಪ್ರಾಯಪಟ್ಟಿದೆ. ರೆಸ್ಟೋರೆಂಟ್‌ಗಳು ಬಿಲ್‌ನಲ್ಲಿ ಸೇವಾ ಶುಲ್ಕವನ್ನು ಸ್ವಯಂಚಾಲಿತವಾಗಿ ಸೇರಿಸುವಂತಿಲ್ಲ. ಕಡ್ಡಾಯ ಸೇವಾ ಶುಲ್ಕ ವಿಧಿಸುವುದು ಅನ್ಯಾಯದ ವ್ಯಾಪಾರ ಪದ್ಧತಿಯಾಗಿದೆ ಎಂದು ಕೋರ್ಟ್ ತಿಳಿಸಿದೆ. ಕಡ್ಡಾಯ ಸೇವಾ ಶುಲ್ಕ ವಿಧಿಸುವ ರೆಸ್ಟೋರೆಂಟ್‌ಗಳ ವಿರುದ್ಧ ಗ್ರಾಹಕರು ದೂರು ನೀಡಬಹುದು ಎಂದು ಹೇಳಿದೆ.
02
